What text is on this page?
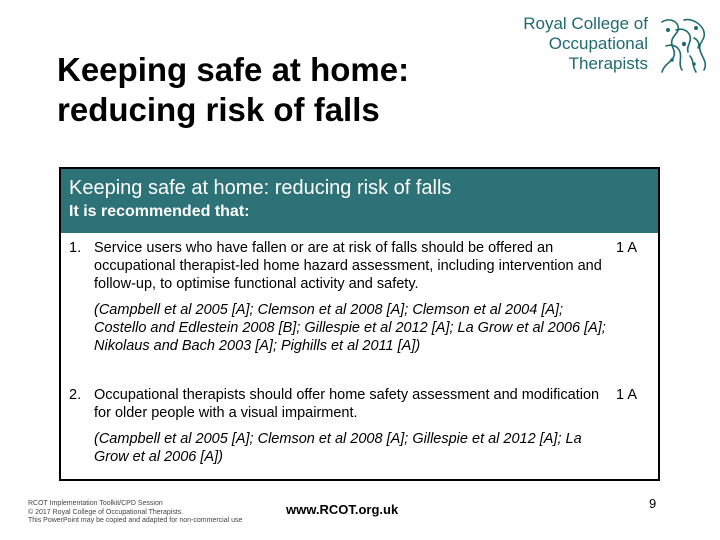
Keeping safe at home:
reducing risk of falls
Royal College of
Occupational
Therapists
Keeping safe at home: reducing risk of falls

It is recommended that:

1. Service users who have fallen or are at risk of falls should be offered an occupational therapist-led home hazard assessment, including intervention and follow-up, to optimise functional activity and safety.
1 A
(Campbell et al 2005 [A]; Clemson et al 2008 [A]; Clemson et al 2004 [A]; Costello and Edlestein 2008 [B]; Gillespie et al 2012 [A]; La Grow et al 2006 [A]; Nikolaus and Bach 2003 [A]; Pighills et al 2011 [A])
2. Occupational therapists should offer home safety assessment and modification for older people with a visual impairment.
1 A
(Campbell et al 2005 [A]; Clemson et al 2008 [A]; Gillespie et al 2012 [A]; La Grow et al 2006 [A])
RCOT Implementation Toolkit/CPD Session
© 2017 Royal College of Occupational Therapists.
This PowerPoint may be copied and adapted for non-commercial use
www.RCOT.org.uk	9
